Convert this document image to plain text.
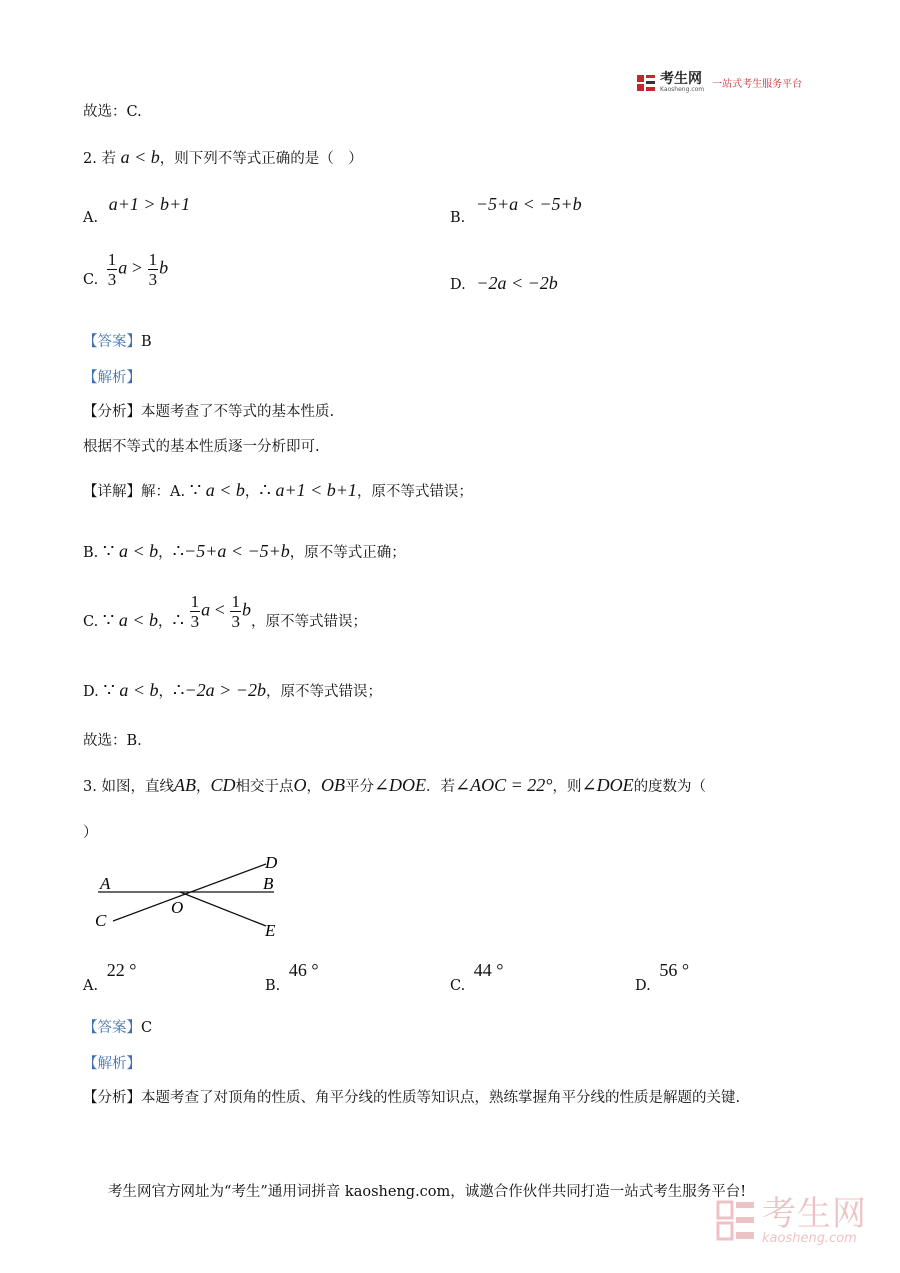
考生网
Kaosheng.com 一站式考生服务平台
故选：C.
2. 若 a < b，则下列不等式正确的是（　）
A. a+1 > b+1
B. −5+a < −5+b
C. $\frac{1}{3}$ $a > \frac{1}{3}$ b
D. −2a < −2b
【答案】B
【解析】
【分析】本题考查了不等式的基本性质.
根据不等式的基本性质逐一分析即可.
【详解】解：A. ∵ a < b，∴ a+1 < b+1，原不等式错误；
B. ∵ a < b，∴−5+a < −5+b，原不等式正确；
C. ∵ a < b，∴ $\frac{1}{3}$ $a < \frac{1}{3}$ b，原不等式错误；
D. ∵ a < b，∴−2a > −2b，原不等式错误；
故选：B.
3. 如图，直线AB，CD相交于点O，OB平分∠DOE．若∠AOC = 22°，则∠DOE的度数为（
）
A	B
C
D
E
O
A. 22 °
B. 46 °
C. 44 °
D. 56 °
【答案】C
【解析】
【分析】本题考查了对顶角的性质、角平分线的性质等知识点，熟练掌握角平分线的性质是解题的关键.
考生网官方网址为“考生”通用词拼音 kaosheng.com，诚邀合作伙伴共同打造一站式考生服务平台!
考生网
kaosheng.com
